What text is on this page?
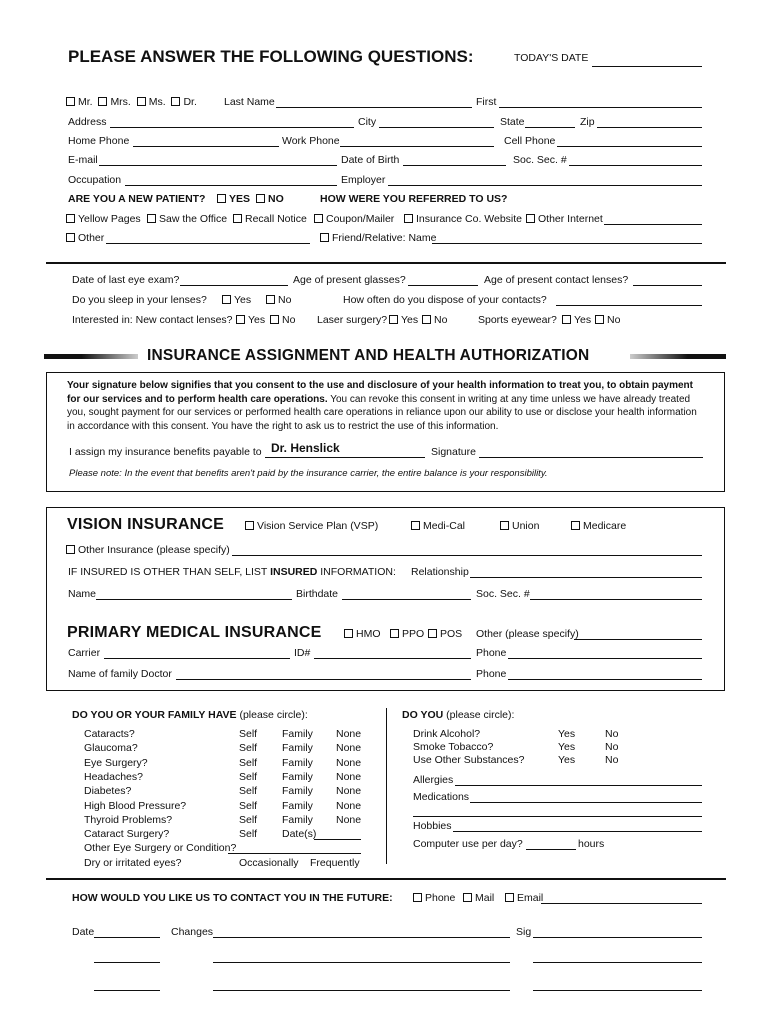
PLEASE ANSWER THE FOLLOWING QUESTIONS:	TODAY'S DATE
Mr. Mrs. Ms. Dr.	Last Name	First
Address	City	State	Zip
Home Phone	Work Phone	Cell Phone
E-mail	Date of Birth	Soc. Sec. #
Occupation	Employer
ARE YOU A NEW PATIENT?	YES	NO	HOW WERE YOU REFERRED TO US?
Yellow Pages	Saw the Office	Recall Notice	Coupon/Mailer	Insurance Co. Website	Other Internet
Other	Friend/Relative: Name
Date of last eye exam?	Age of present glasses?	Age of present contact lenses?
Do you sleep in your lenses?	Yes	No	How often do you dispose of your contacts?
Interested in: New contact lenses?	Yes	No Laser surgery?	Yes	No	Sports eyewear?	Yes	No
INSURANCE ASSIGNMENT AND HEALTH AUTHORIZATION
Your signature below signifies that you consent to the use and disclosure of your health information to treat you, to obtain payment for our services and to perform health care operations. You can revoke this consent in writing at any time unless we have already treated you, sought payment for our services or performed health care operations in reliance upon our ability to use or disclose your health information in accordance with this consent. You have the right to ask us to restrict the use of this information.
I assign my insurance benefits payable to Dr. Henslick	Signature
Please note: In the event that benefits aren't paid by the insurance carrier, the entire balance is your responsibility.
VISION INSURANCE	Vision Service Plan (VSP)	Medi-Cal	Union	Medicare
Other Insurance (please specify)
IF INSURED IS OTHER THAN SELF, LIST INSURED INFORMATION: Relationship
Name	Birthdate	Soc. Sec. #
PRIMARY MEDICAL INSURANCE	HMO	PPO	POS Other (please specify)
Carrier	ID#	Phone
Name of family Doctor	Phone
DO YOU OR YOUR FAMILY HAVE (please circle):	DO YOU (please circle):
Cataracts?	Self Family None
Glaucoma?	Self Family None
Eye Surgery?	Self Family None
Headaches?	Self Family None
Diabetes?	Self Family None
High Blood Pressure?	Self Family None
Thyroid Problems?	Self Family None
Cataract Surgery?	Self Date(s)
Other Eye Surgery or Condition?
Dry or irritated eyes?	Occasionally Frequently
Drink Alcohol?	Yes	No
Smoke Tobacco?	Yes	No
Use Other Substances?	Yes	No
Allergies
Medications
Hobbies
Computer use per day?	hours
HOW WOULD YOU LIKE US TO CONTACT YOU IN THE FUTURE:	Phone	Mail	Email
Date	Changes	Sig
